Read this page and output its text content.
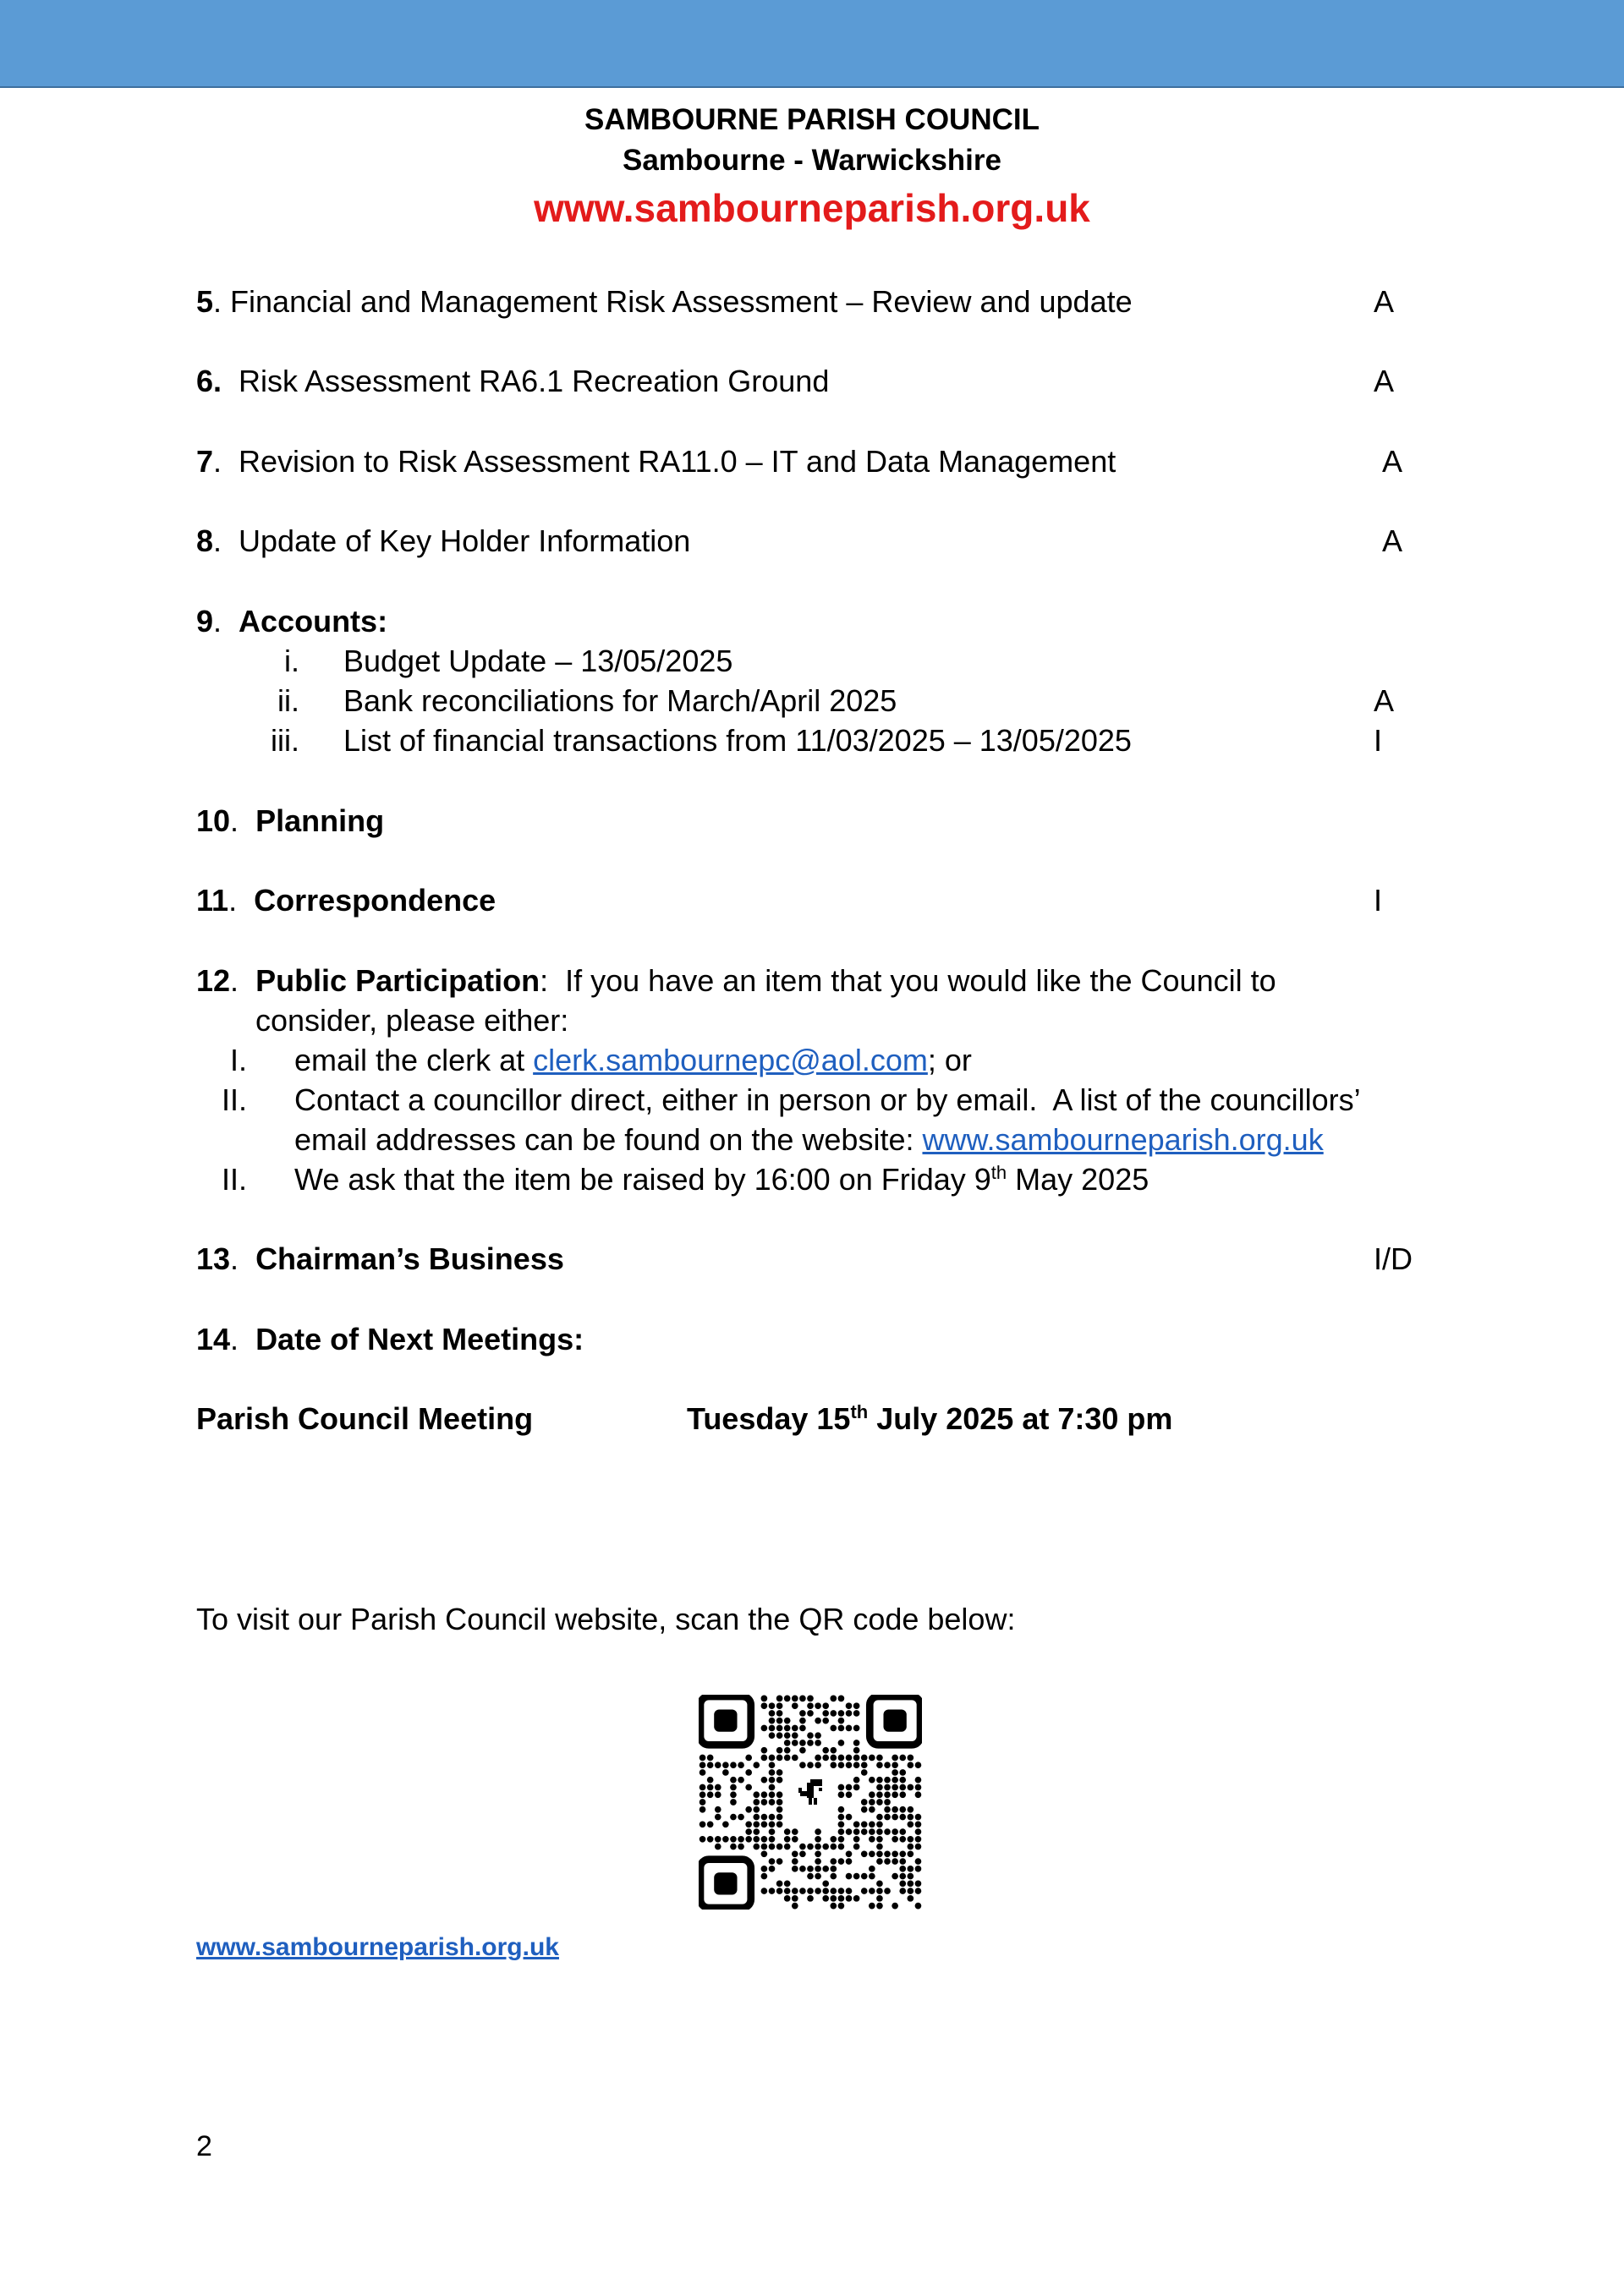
SAMBOURNE PARISH COUNCIL
Sambourne - Warwickshire
www.sambourneparish.org.uk
5. Financial and Management Risk Assessment – Review and update	A
6.  Risk Assessment RA6.1 Recreation Ground	A
7.  Revision to Risk Assessment RA11.0 – IT and Data Management	A
8.  Update of Key Holder Information	A
9.  Accounts:
i. Budget Update – 13/05/2025
ii. Bank reconciliations for March/April 2025	A
iii. List of financial transactions from 11/03/2025 – 13/05/2025	I
10.  Planning
11.  Correspondence	I
12.  Public Participation:  If you have an item that you would like the Council to
consider, please either:
I. email the clerk at clerk.sambournepc@aol.com; or
II. Contact a councillor direct, either in person or by email.  A list of the councillors’
email addresses can be found on the website: www.sambourneparish.org.uk
II. We ask that the item be raised by 16:00 on Friday 9th May 2025
13.  Chairman’s Business	I/D
14.  Date of Next Meetings:
Parish Council Meeting	Tuesday 15th July 2025 at 7:30 pm
To visit our Parish Council website, scan the QR code below:
www.sambourneparish.org.uk
2
